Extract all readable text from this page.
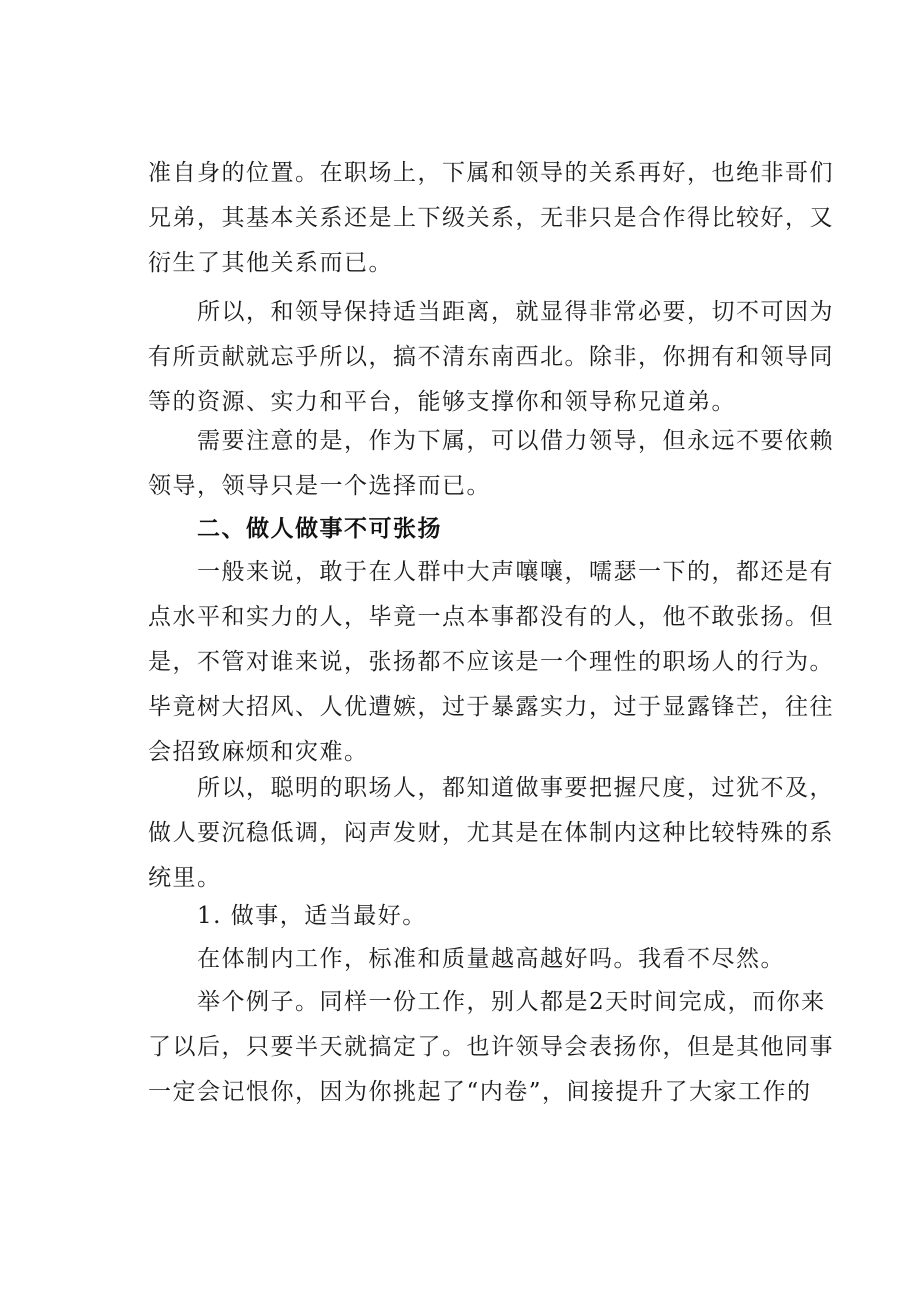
准自身的位置。在职场上，下属和领导的关系再好，也绝非哥们
兄弟，其基本关系还是上下级关系，无非只是合作得比较好，又
衍生了其他关系而已。
所以，和领导保持适当距离，就显得非常必要，切不可因为
有所贡献就忘乎所以，搞不清东南西北。除非，你拥有和领导同
等的资源、实力和平台，能够支撑你和领导称兄道弟。
需要注意的是，作为下属，可以借力领导，但永远不要依赖
领导，领导只是一个选择而已。
二、做人做事不可张扬
一般来说，敢于在人群中大声嚷嚷，嚅瑟一下的，都还是有
点水平和实力的人，毕竟一点本事都没有的人，他不敢张扬。但
是，不管对谁来说，张扬都不应该是一个理性的职场人的行为。
毕竟树大招风、人优遭嫉，过于暴露实力，过于显露锋芒，往往
会招致麻烦和灾难。
所以，聪明的职场人，都知道做事要把握尺度，过犹不及，
做人要沉稳低调，闷声发财，尤其是在体制内这种比较特殊的系
统里。
1. 做事，适当最好。
在体制内工作，标准和质量越高越好吗。我看不尽然。
举个例子。同样一份工作，别人都是2天时间完成，而你来
了以后，只要半天就搞定了。也许领导会表扬你，但是其他同事
一定会记恨你，因为你挑起了“内卷”，间接提升了大家工作的
